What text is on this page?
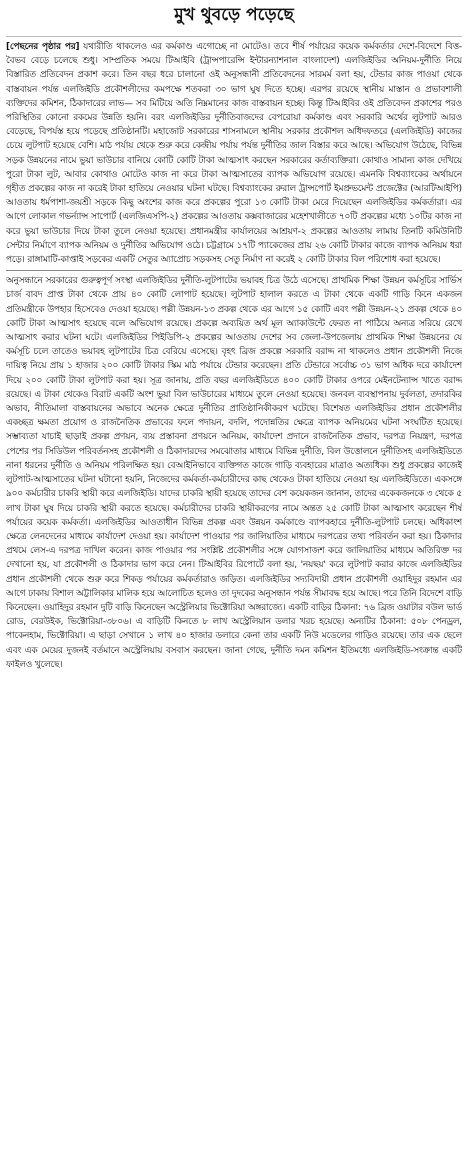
মুখ থুবড়ে পড়েছে

[পেছনের পৃষ্ঠার পর] যথারীতি থাকলেও এর কর্মকাণ্ড এগোচ্ছে না মোটেও। তবে শীর্ষ পর্যায়ের কয়েক কর্মকর্তার দেশে-বিদেশে বিত্ত-বৈভব বেড়ে চলেছে শুধু। সাম্প্রতিক সময়ে টিআইবি (ট্রান্সপারেন্সি ইন্টারন্যাশনাল বাংলাদেশ) এলজিইডির অনিয়ম-দুর্নীতি নিয়ে বিস্তারিত প্রতিবেদন প্রকাশ করে। তিন বছর ধরে চালানো ওই অনুসন্ধানী প্রতিবেদনের সারমর্ম বলা হয়, টেন্ডার কাজ পাওয়া থেকে বাস্তবায়ন পর্যন্ত এলজিইডি প্রকৌশলীদের কমপক্ষে শতকরা ৩০ ভাগ ঘুষ দিতে হচ্ছে। এরপর রয়েছে স্থানীয় মাস্তান ও প্রভাবশালী ব্যক্তিদের কমিশন, ঠিকাদারের লাভ— সব মিটিয়ে অতি নিম্নমানের কাজ বাস্তবায়ন হচ্ছে। কিন্তু টিআইবির ওই প্রতিবেদন প্রকাশের পরও পরিস্থিতির কোনো রকমের উন্নতি হয়নি। বরং এলজিইডির দুর্নীতিবাজদের বেপরোয়া কর্মকাণ্ড এবং সরকারি অর্থের লুটপাট আরও বেড়েছে, বিপর্যস্ত হয়ে পড়েছে প্রতিষ্ঠানটি। মহাজোট সরকারের শাসনামলে স্থানীয় সরকার প্রকৌশল অধিদফতরে (এলজিইডি) কাজের চেয়ে লুটপাট হয়েছে বেশি। মাঠ পর্যায় থেকে শুরু করে কেন্দ্রীয় পর্যায় পর্যন্ত দুর্নীতির জাল বিস্তার করে আছে। অভিযোগ উঠেছে, বিভিন্ন সড়ক উন্নয়নের নামে ভুয়া ভাউচার বানিয়ে কোটি কোটি টাকা আত্মসাৎ করছেন সরকারের কর্তাব্যক্তিরা। কোথাও সামান্য কাজ দেখিয়ে পুরো টাকা লুট, আবার কোথাও মোটেও কাজ না করে টাকা আত্মসাতের ব্যাপক অভিযোগ রয়েছে। এমনকি বিশ্বব্যাংকের অর্থায়নে গৃহীত প্রকল্পের কাজ না করেই টাকা হাতিয়ে নেওয়ার ঘটনা ঘটছে। বিশ্বব্যাংকের রুরাল ট্রান্সপোর্ট ইমপ্রুভমেন্ট প্রজেক্টের (আরটিআইপি) আওতায় ধর্মপাশা-জয়শ্রী সড়কে কিছু অংশের কাজ করে প্রকল্পের পুরো ১৩ কোটি টাকা মেরে দিয়েছেন এলজিইডির কর্মকর্তারা। এর আগে লোকাল গভর্ন্যান্স সাপোর্ট (এলজিএসপি-২) প্রকল্পের আওতায় কক্সবাজারের মহেশখালীতে ৭০টি প্রকল্পের মধ্যে ১০টির কাজ না করে ভুয়া ভাউচার দিয়ে টাকা তুলে নেওয়া হয়েছে। প্রধানমন্ত্রীর কার্যালয়ের আশ্রয়ণ-২ প্রকল্পের আওতায় লামায় তিনটি কমিউনিটি সেন্টার নির্মাণে ব্যাপক অনিয়ম ও দুর্নীতির অভিযোগ ওঠে। চট্টগ্রামে ১৭টি প্যাকেজের প্রায় ২৬ কোটি টাকার কাজে ব্যাপক অনিয়ম ধরা পড়ে। রাঙ্গামাটি-কাপ্তাই সড়কের একটি সেতুর অ্যাপ্রোচ সড়কসহ সেতু নির্মাণ না করেই ২ কোটি টাকার বিল পরিশোধ করা হয়েছে।

অনুসন্ধানে সরকারের গুরুত্বপূর্ণ সংস্থা এলজিইডির দুর্নীতি-লুটপাটের ভয়াবহ চিত্র উঠে এসেছে। প্রাথমিক শিক্ষা উন্নয়ন কর্মসূচির সার্ভিস চার্জ বাবদ প্রাপ্ত টাকা থেকে প্রায় ৪০ কোটি লোপাট হয়েছে। লুটপাট হালাল করতে এ টাকা থেকে একটি গাড়ি কিনে একজন প্রতিমন্ত্রীকে উপহার হিসেবেও দেওয়া হয়েছে। পল্লী উন্নয়ন-১৩ প্রকল্প থেকে এর আগে ১৫ কোটি এবং পল্লী উন্নয়ন-২১ প্রকল্প থেকে ৪০ কোটি টাকা আত্মসাৎ হয়েছে বলে অভিযোগ রয়েছে। প্রকল্পে অব্যয়িত অর্থ মূল অ্যাকাউন্টে ফেরত না পাঠিয়ে অন্যত্র সরিয়ে রেখে আত্মসাৎ করার ঘটনা ঘটে। এলজিইডির পিইডিপি-২ প্রকল্পের আওতায় দেশের সব জেলা-উপজেলায় প্রাথমিক শিক্ষা উন্নয়নের যে কর্মসূচি চলে তাতেও ভয়াবহ লুটপাটের চিত্র বেরিয়ে এসেছে। বৃহৎ ব্রিজ প্রকল্পে সরকারি বরাদ্দ না থাকলেও প্রধান প্রকৌশলী নিজে দায়িত্ব নিয়ে প্রায় ১ হাজার ২০০ কোটি টাকার স্কিম মাঠ পর্যায়ে টেন্ডার করেছেন। প্রতি টেন্ডারে সর্বোচ্চ ৩১ ভাগ অধিক দরে কার্যাদেশ দিয়ে ২০০ কোটি টাকা লুটপাট করা হয়। সূত্র জানায়, প্রতি বছর এলজিইডিতে ৪০০ কোটি টাকার ওপরে মেইনটেন্যান্স খাতে বরাদ্দ রয়েছে। এ টাকা থেকেও বিরাট একটি অংশ ভুয়া বিল ভাউচারের মাধ্যমে তুলে নেওয়া হয়েছে। জনবল ব্যবস্থাপনায় দুর্বলতা, তদারকির অভাব, নীতিমালা বাস্তবায়নের অভাবে অনেক ক্ষেত্রে দুর্নীতির প্রাতিষ্ঠানিকীকরণ ঘটেছে। বিশেষত এলজিইডির প্রধান প্রকৌশলীর একচ্ছত্র ক্ষমতা প্রয়োগ ও রাজনৈতিক প্রভাবের ফলে পদায়ন, বদলি, পদোন্নতির ক্ষেত্রে ব্যাপক অনিয়মের ঘটনা সংঘটিত হয়েছে। সম্ভাব্যতা যাচাই ছাড়াই প্রকল্প প্রণয়ন, ব্যয় প্রস্তাবনা প্রণয়নে অনিয়ম, কার্যাদেশ প্রদানে রাজনৈতিক প্রভাব, দরপত্র নিয়ন্ত্রণ, দরপত্র পেশের পর সিডিউল পরিবর্তনসহ প্রকৌশলী ও ঠিকাদারদের সমঝোতার মাধ্যমে বিভিন্ন দুর্নীতি, বিল উত্তোলনে দুর্নীতিসহ এলজিইডিতে নানা ধরনের দুর্নীতি ও অনিয়ম পরিলক্ষিত হয়। বেআইনিভাবে ব্যক্তিগত কাজে গাড়ি ব্যবহারের মাত্রাও অত্যধিক। শুধু প্রকল্পের কাজেই লুটপাট-আত্মসাতের ঘটনা ঘটানো হয়নি, নিজেদের কর্মকর্তা-কর্মচারীদের কাছ থেকেও টাকা হাতিয়ে নেওয়া হয় এলজিইডিতে। একসঙ্গে ৯০০ কর্মচারীর চাকরি স্থায়ী করে এলজিইডি। যাদের চাকরি স্থায়ী হয়েছে তাদের বেশ কয়েকজন জানান, তাদের একেকজনকে ৩ থেকে ৫ লাখ টাকা ঘুষ দিয়ে চাকরি স্থায়ী করতে হয়েছে। কর্মচারীদের চাকরি স্থায়ীকরণের নামে অন্তত ২৫ কোটি টাকা আত্মসাৎ করেছেন শীর্ষ পর্যায়ের কয়েক কর্মকর্তা। এলজিইডির আওতাধীন বিভিন্ন প্রকল্প এবং উন্নয়ন কর্মকাণ্ডে ব্যাপকহারে দুর্নীতি-লুটপাট চলছে। অধিকাংশ ক্ষেত্রে লেনদেনের মাধ্যমে কার্যাদেশ দেওয়া হয়। কার্যাদেশ পাওয়ার পর জালিয়াতির মাধ্যমে দরপত্রের তথ্য পরিবর্তন করা হয়। ঠিকাদার প্রথমে লেস-এ দরপত্র দাখিল করেন। কাজ পাওয়ার পর সংশ্লিষ্ট প্রকৌশলীর সঙ্গে যোগসাজশ করে জালিয়াতির মাধ্যমে অতিরিক্ত দর দেখানো হয়, যা প্রকৌশলী ও ঠিকাদার ভাগ করে নেন। টিআইবির রিপোর্টে বলা হয়, 'নয়ছয়' করে লুটপাট করার কাজে এলজিইডির প্রধান প্রকৌশলী থেকে শুরু করে শিকড় পর্যায়ের কর্মকর্তারাও জড়িত। এলজিইডির সদ্যবিদায়ী প্রধান প্রকৌশলী ওয়াহিদুর রহমান এর আগে ঢাকায় বিশাল অট্টালিকার মালিক হয়ে আলোচিত হলেও তা দুদকের অনুসন্ধান পর্যন্ত সীমাবদ্ধ হয়ে আছে। পরে তিনি বিদেশে বাড়ি কিনেছেন। ওয়াহিদুর রহমান দুটি বাড়ি কিনেছেন অস্ট্রেলিয়ার ভিক্টোরিয়া অঙ্গরাজ্যে। একটি বাড়ির ঠিকানা: ৭৬ ব্রিজ ওয়াটার বউল ভার্ড রোড, বেরউইক, ভিক্টোরিয়া-৩৮০৬। এ বাড়িটি কিনতে ৮ লাখ অস্ট্রেলিয়ান ডলার খরচ হয়েছে। অন্যটির ঠিকানা: ৫০৮ পেনড্রল, পাকেনহাম, ভিক্টোরিয়া। এ ছাড়া সেখানে ১ লাখ ৪০ হাজার ডলারে কেনা তার একটি নিউ মডেলের গাড়িও রয়েছে। তার এক ছেলে এবং এক মেয়ের দুজনই বর্তমানে অস্ট্রেলিয়ায় বসবাস করছেন। জানা গেছে, দুর্নীতি দমন কমিশন ইতিমধ্যে এলজিইডি-সংক্রান্ত একটি ফাইলও খুলেছে।
